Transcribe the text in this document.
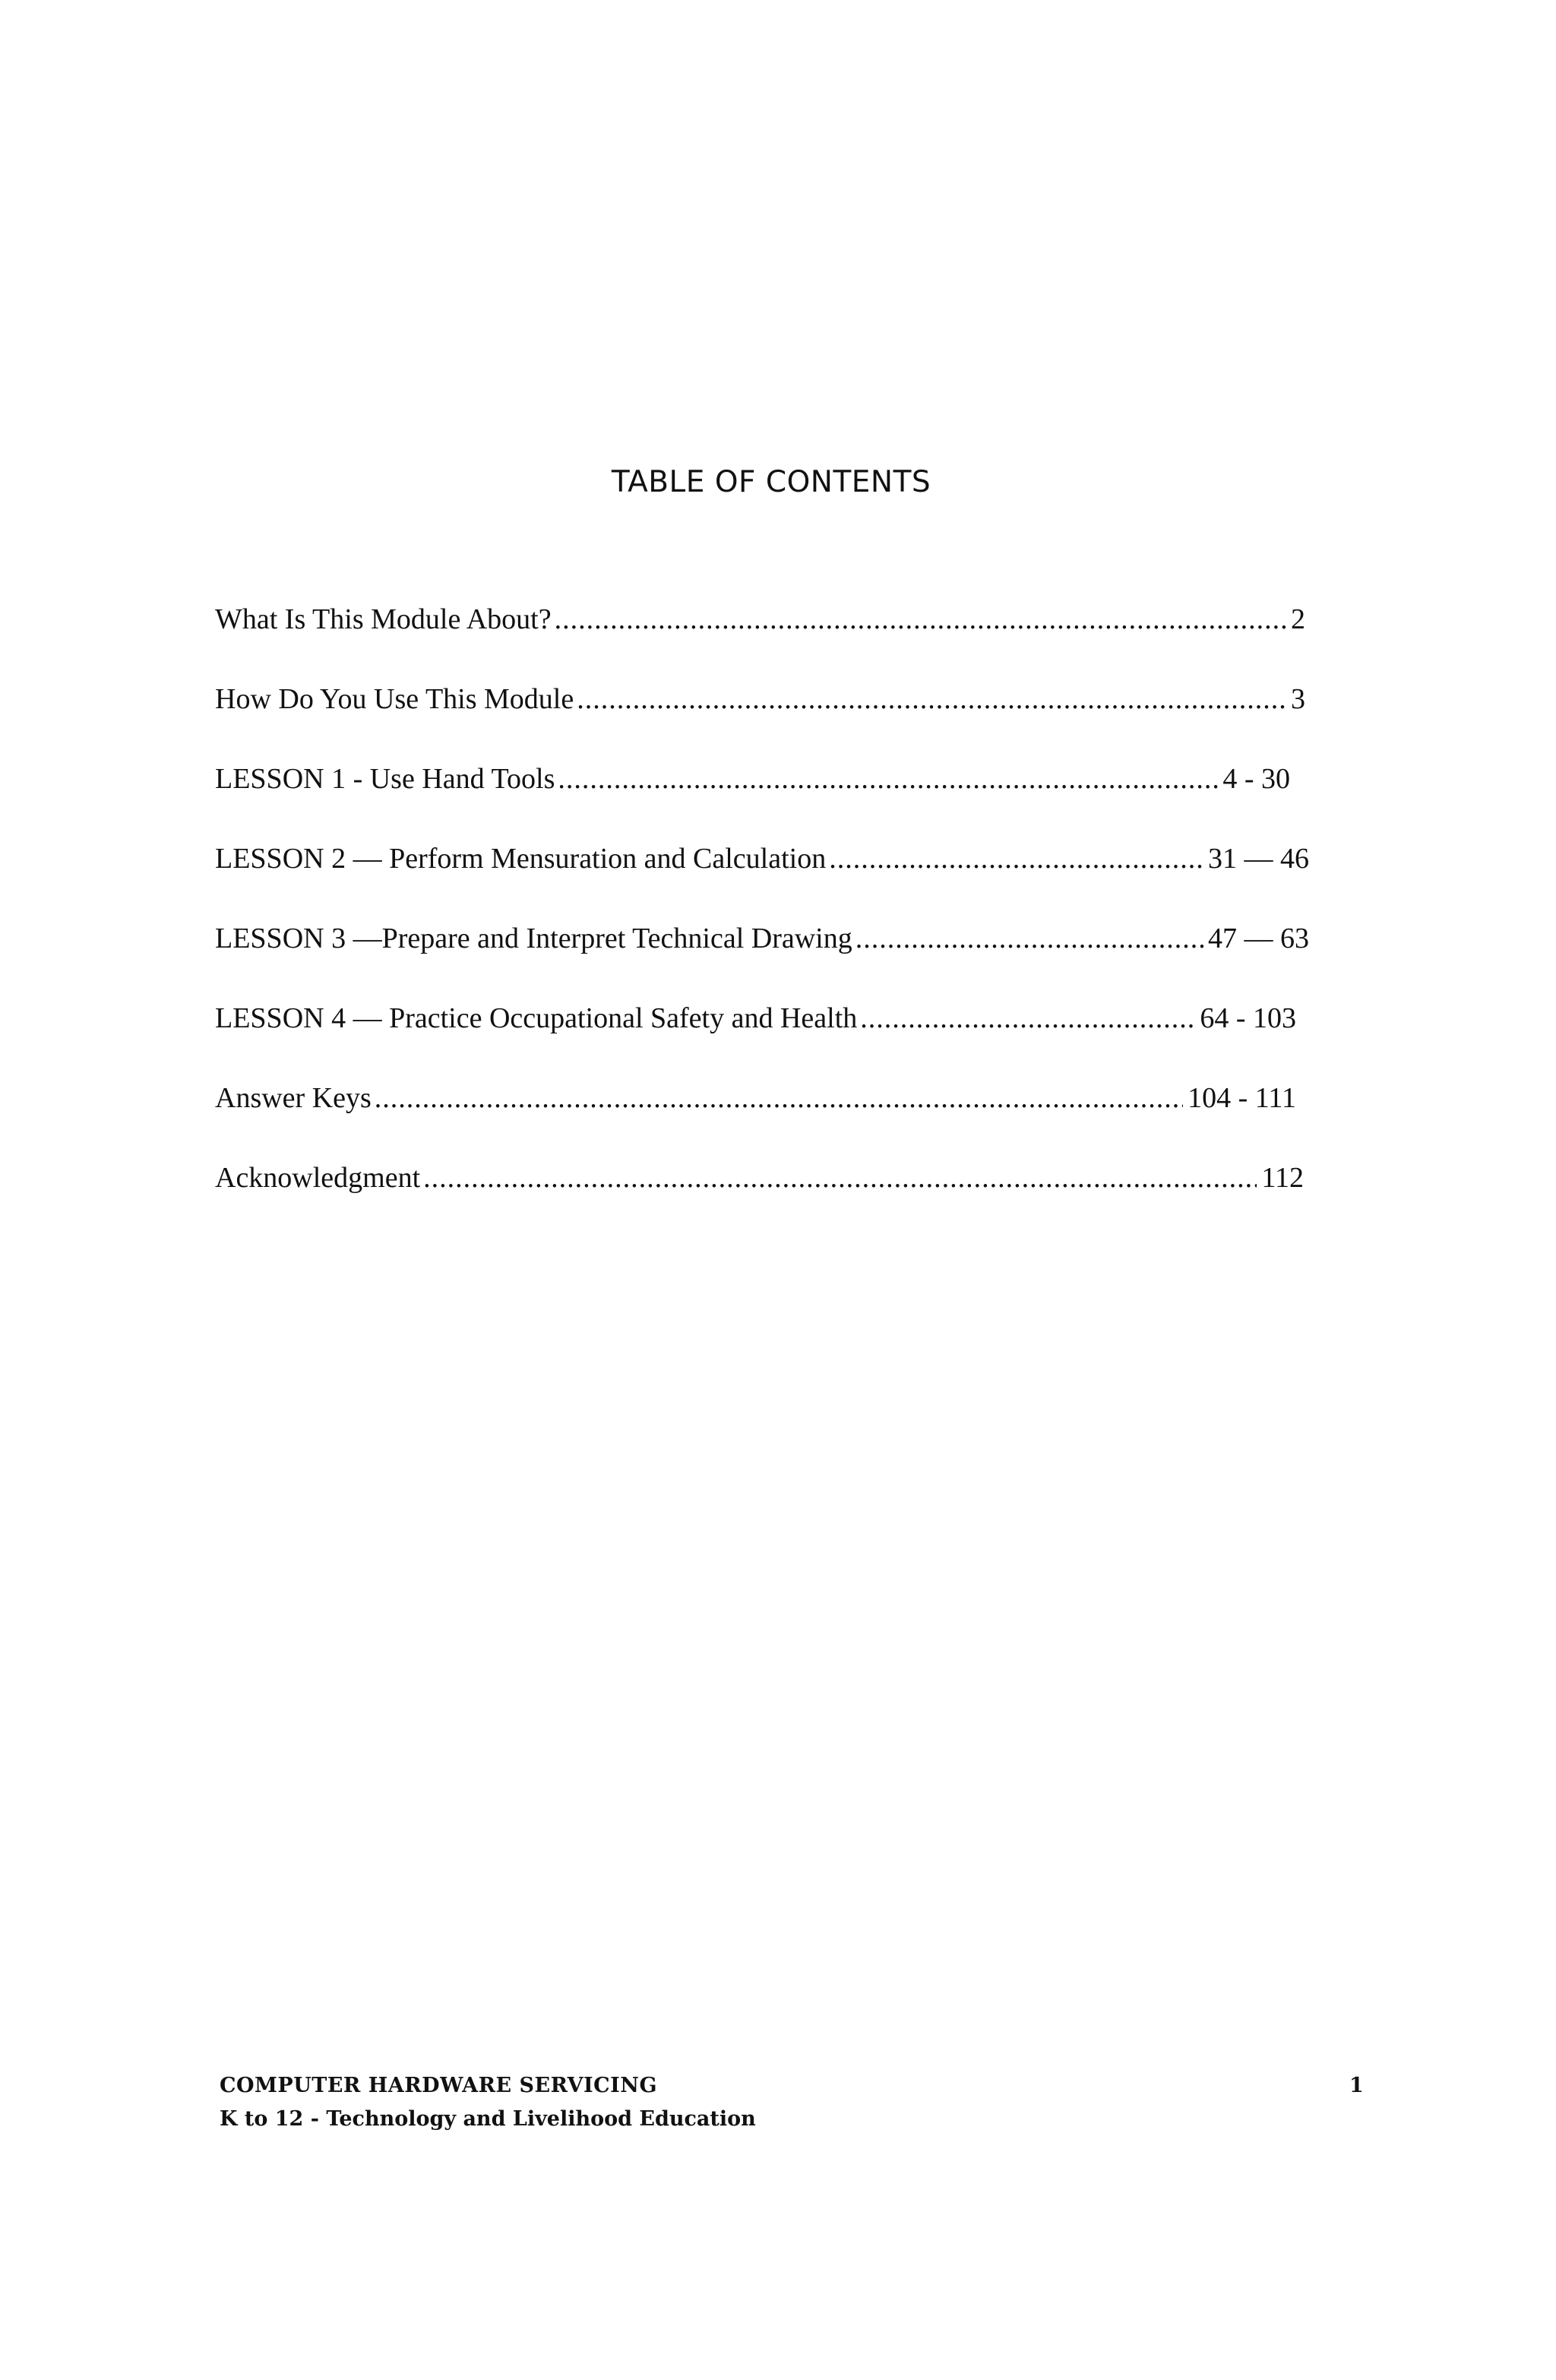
TABLE OF CONTENTS
What Is This Module About? .....	2
How Do You Use This Module .....	3
LESSON 1 - Use Hand Tools .....	4 - 30
LESSON 2 — Perform Mensuration and Calculation .....	31 — 46
LESSON 3 —Prepare and Interpret Technical Drawing .....	47 — 63
LESSON 4 — Practice Occupational Safety and Health .....	64 - 103
Answer Keys .....	104 - 111
Acknowledgment .....	112
COMPUTER HARDWARE SERVICING
K to 12 - Technology and Livelihood Education
1
